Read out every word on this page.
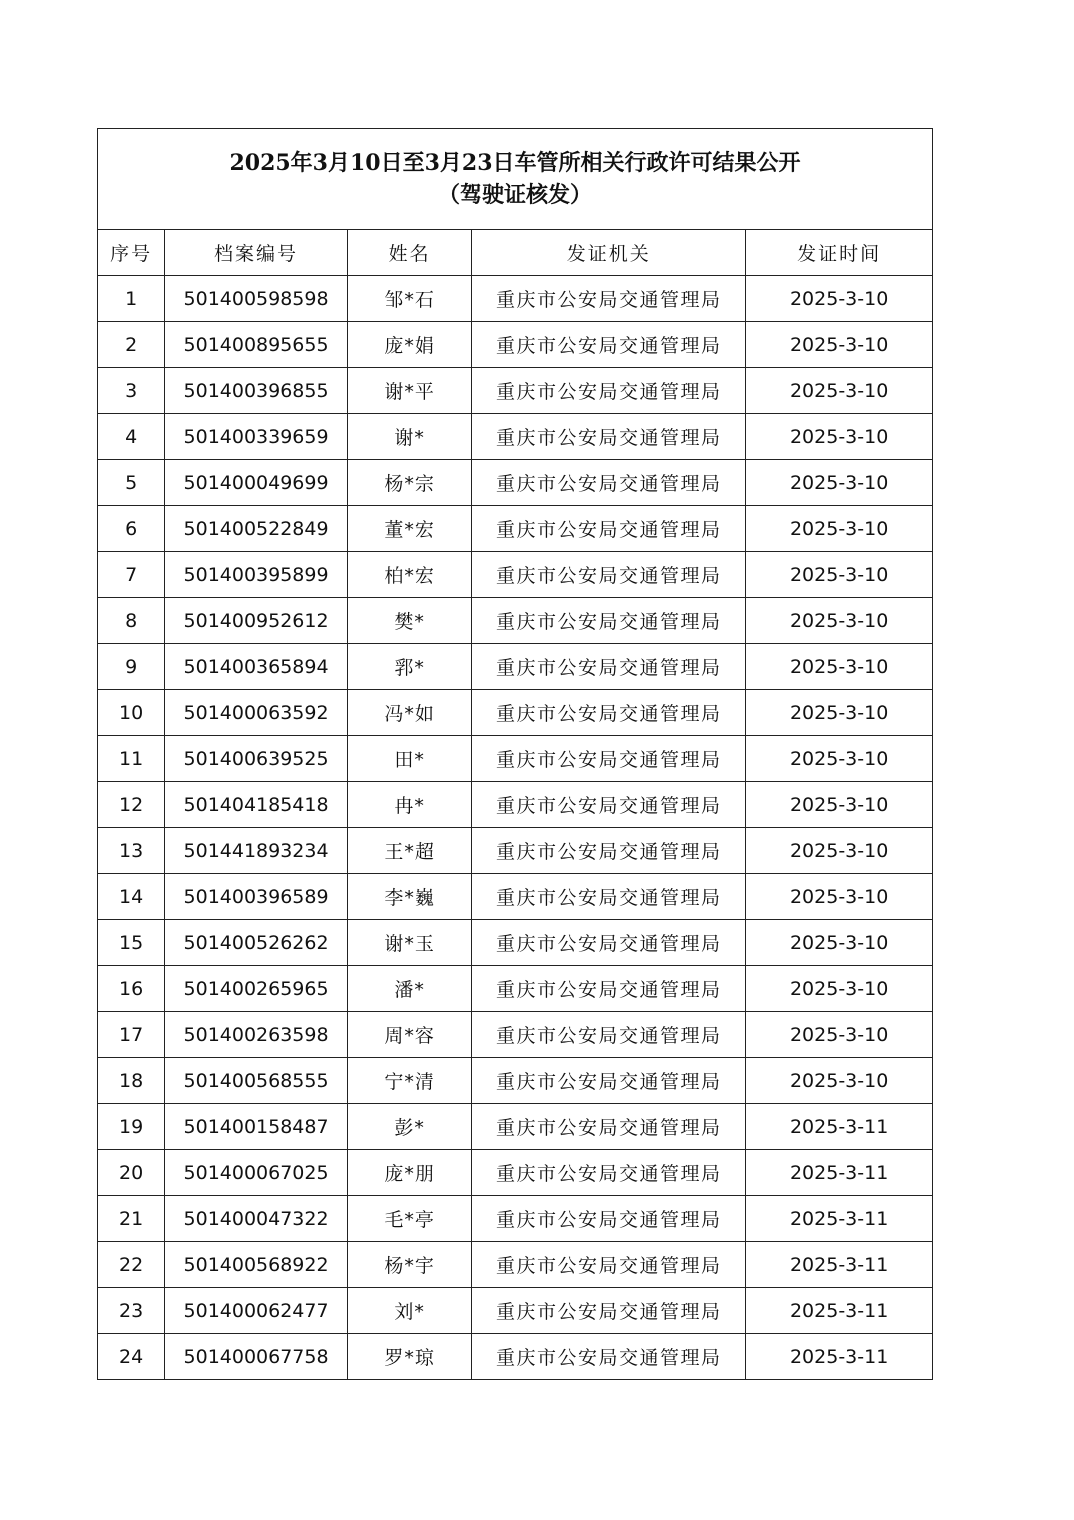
2025年3月10日至3月23日车管所相关行政许可结果公开
（驾驶证核发）				

序号	档案编号	姓名	发证机关	发证时间
1	501400598598	邹*石	重庆市公安局交通管理局	2025-3-10
2	501400895655	庞*娟	重庆市公安局交通管理局	2025-3-10
3	501400396855	谢*平	重庆市公安局交通管理局	2025-3-10
4	501400339659	谢*	重庆市公安局交通管理局	2025-3-10
5	501400049699	杨*宗	重庆市公安局交通管理局	2025-3-10
6	501400522849	董*宏	重庆市公安局交通管理局	2025-3-10
7	501400395899	柏*宏	重庆市公安局交通管理局	2025-3-10
8	501400952612	樊*	重庆市公安局交通管理局	2025-3-10
9	501400365894	郛*	重庆市公安局交通管理局	2025-3-10
10	501400063592	冯*如	重庆市公安局交通管理局	2025-3-10
11	501400639525	田*	重庆市公安局交通管理局	2025-3-10
12	501404185418	冉*	重庆市公安局交通管理局	2025-3-10
13	501441893234	王*超	重庆市公安局交通管理局	2025-3-10
14	501400396589	李*巍	重庆市公安局交通管理局	2025-3-10
15	501400526262	谢*玉	重庆市公安局交通管理局	2025-3-10
16	501400265965	潘*	重庆市公安局交通管理局	2025-3-10
17	501400263598	周*容	重庆市公安局交通管理局	2025-3-10
18	501400568555	宁*清	重庆市公安局交通管理局	2025-3-10
19	501400158487	彭*	重庆市公安局交通管理局	2025-3-11
20	501400067025	庞*朋	重庆市公安局交通管理局	2025-3-11
21	501400047322	毛*亭	重庆市公安局交通管理局	2025-3-11
22	501400568922	杨*宇	重庆市公安局交通管理局	2025-3-11
23	501400062477	刘*	重庆市公安局交通管理局	2025-3-11
24	501400067758	罗*琼	重庆市公安局交通管理局	2025-3-11
